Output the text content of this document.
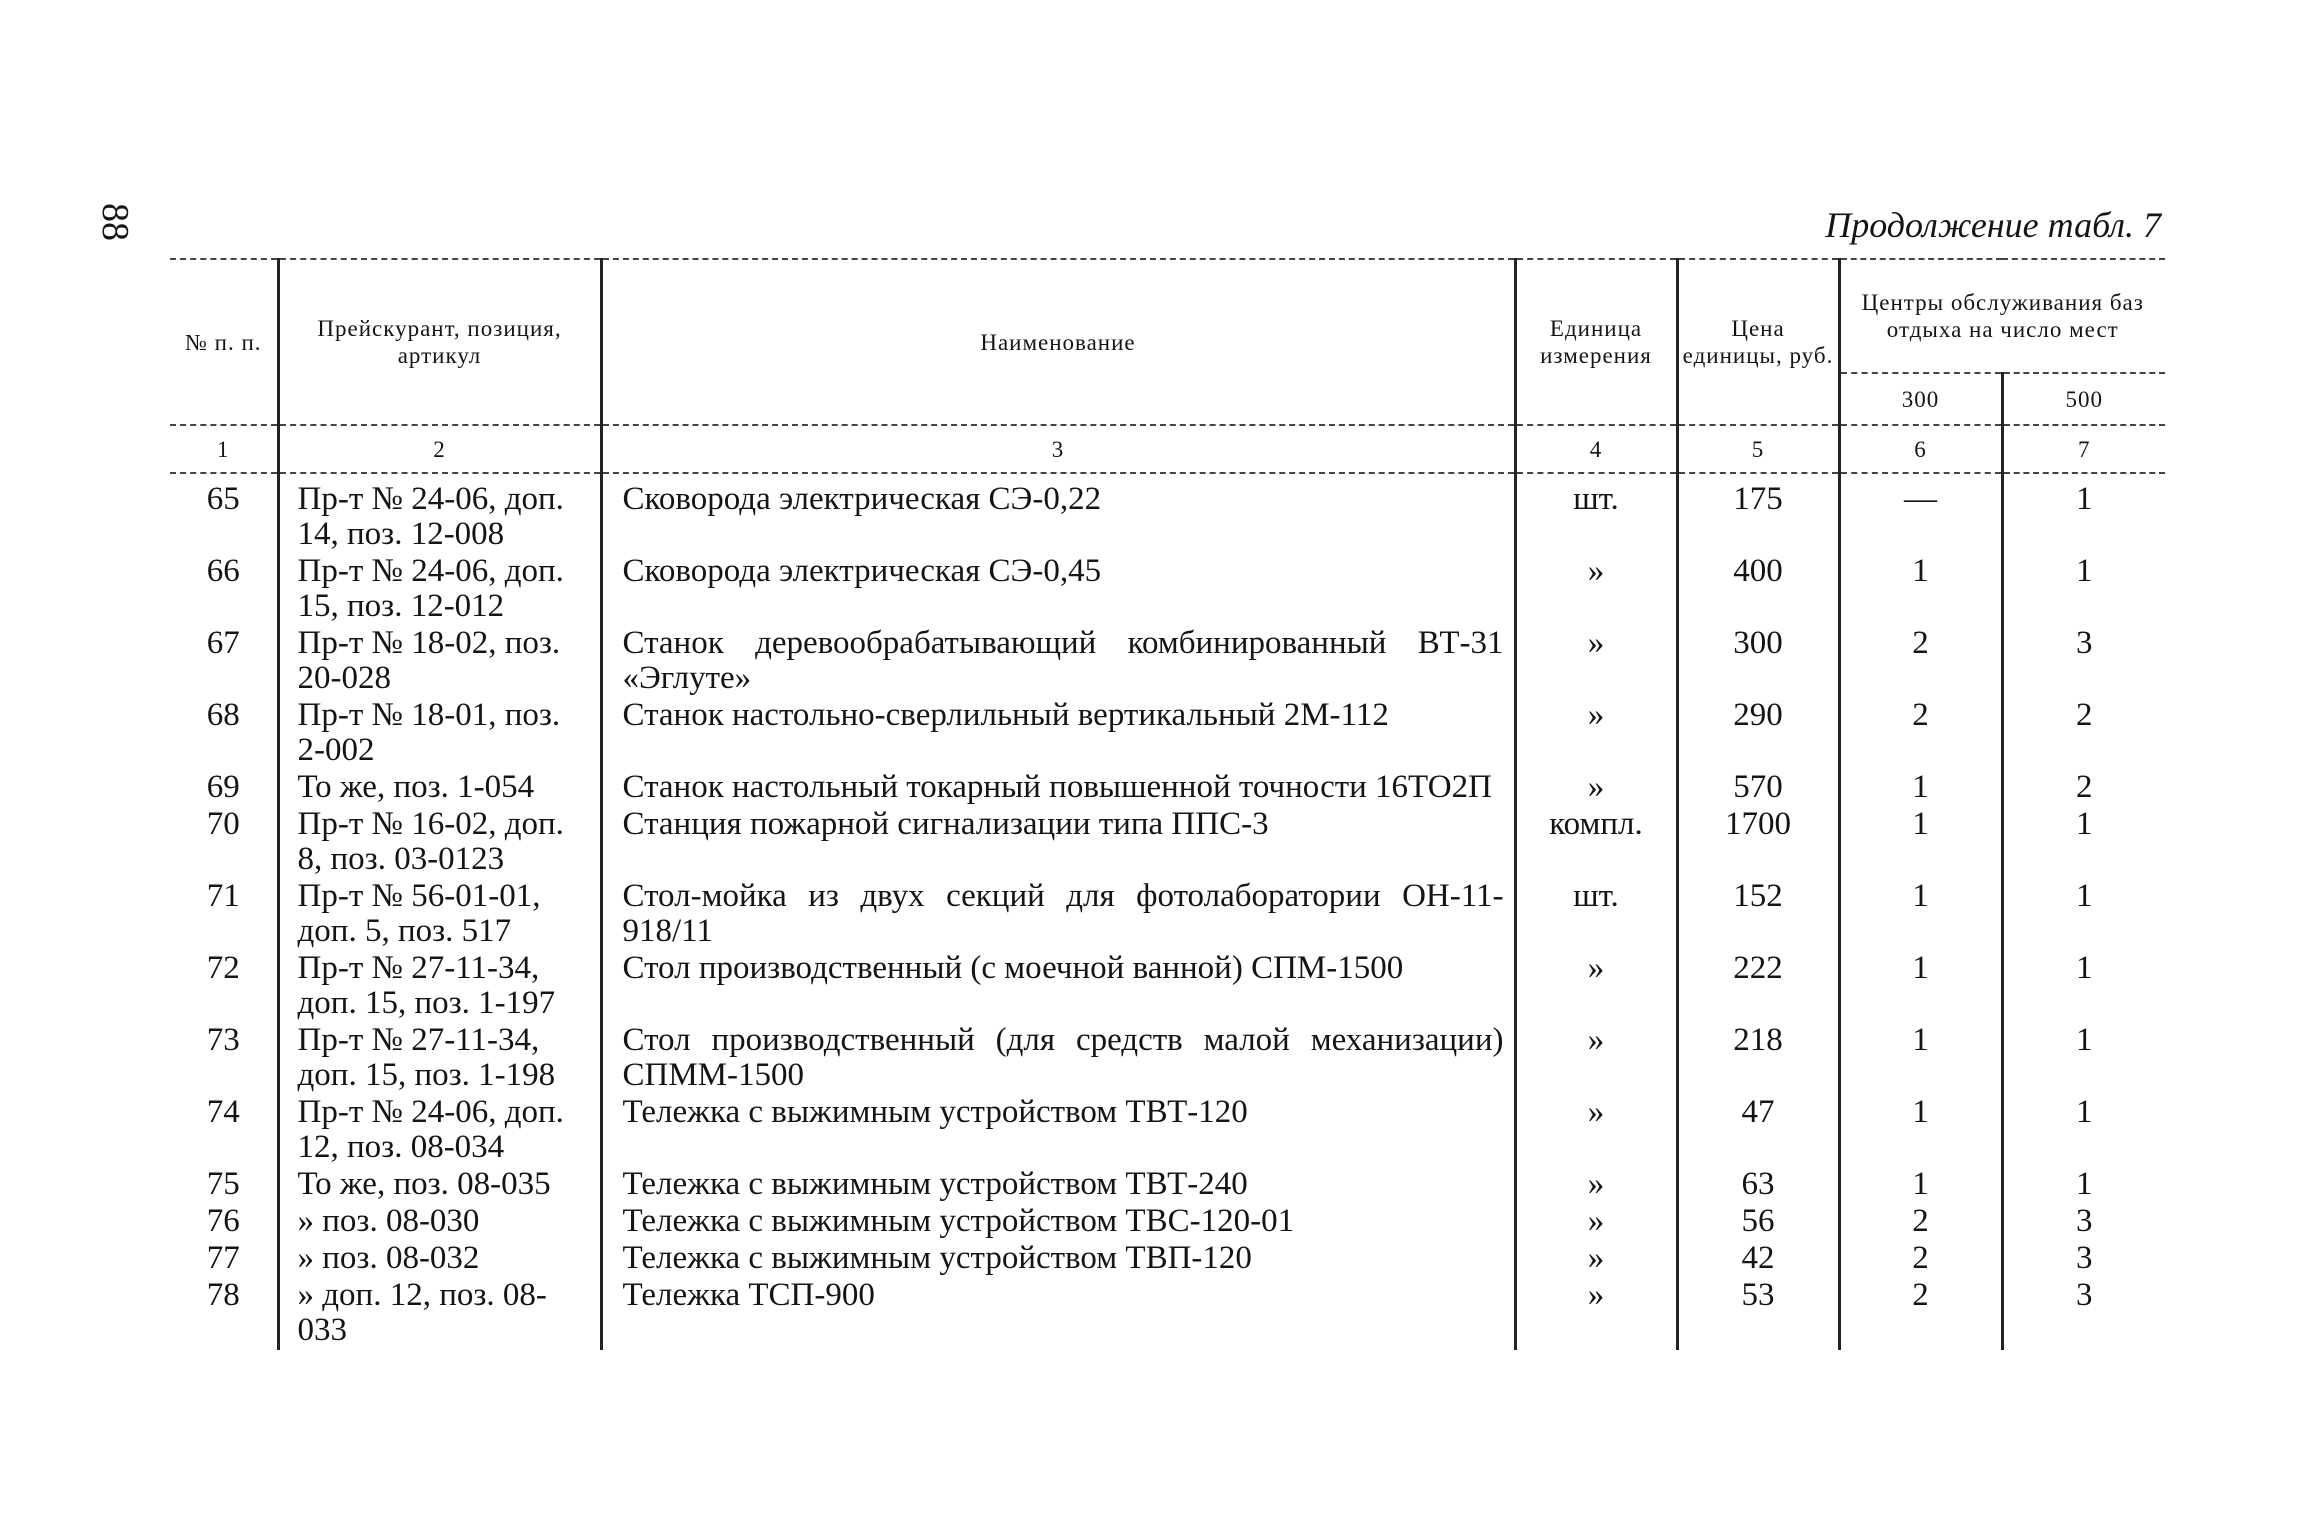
88	Продолжение табл. 7
№ п. п.	Прейскурант, позиция, артикул	Наименование	Единица измерения	Цена единицы, руб.	Центры обслуживания баз отдыха на число мест	
					300	500
1	2	3	4	5	6	7
65	Пр-т № 24-06, доп. 14, поз. 12-008	Сковорода электрическая СЭ-0,22	шт.	175	—	1
66	Пр-т № 24-06, доп. 15, поз. 12-012	Сковорода электрическая СЭ-0,45	»	400	1	1
67	Пр-т № 18-02, поз. 20-028	Станок деревообрабатывающий комбинированный ВТ-31 «Эглуте»	»	300	2	3
68	Пр-т № 18-01, поз. 2-002	Станок настольно-сверлильный вертикальный 2М-112	»	290	2	2
69	То же, поз. 1-054	Станок настольный токарный повышенной точности 16ТО2П	»	570	1	2
70	Пр-т № 16-02, доп. 8, поз. 03-0123	Станция пожарной сигнализации типа ППС-3	компл.	1700	1	1
71	Пр-т № 56-01-01, доп. 5, поз. 517	Стол-мойка из двух секций для фотолаборатории ОН-11-918/11	шт.	152	1	1
72	Пр-т № 27-11-34, доп. 15, поз. 1-197	Стол производственный (с моечной ванной) СПМ-1500	»	222	1	1
73	Пр-т № 27-11-34, доп. 15, поз. 1-198	Стол производственный (для средств малой механизации) СПММ-1500	»	218	1	1
74	Пр-т № 24-06, доп. 12, поз. 08-034	Тележка с выжимным устройством ТВТ-120	»	47	1	1
75	То же, поз. 08-035	Тележка с выжимным устройством ТВТ-240	»	63	1	1
76	» поз. 08-030	Тележка с выжимным устройством ТВС-120-01	»	56	2	3
77	» поз. 08-032	Тележка с выжимным устройством ТВП-120	»	42	2	3
78	» доп. 12, поз. 08-033	Тележка ТСП-900	»	53	2	3
